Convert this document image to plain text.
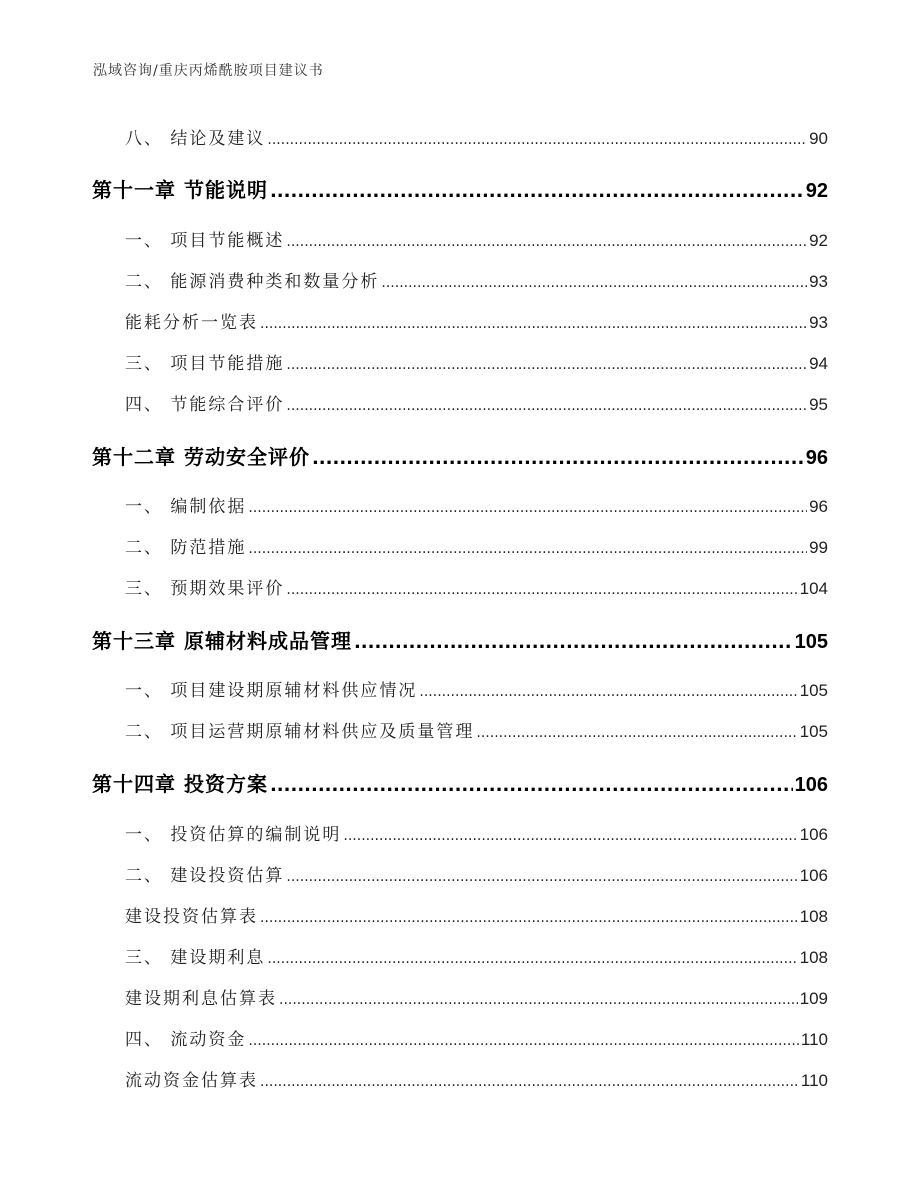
泓域咨询/重庆丙烯酰胺项目建议书
八、 结论及建议 .....	90
第十一章 节能说明 .....	92
一、 项目节能概述 .....	92
二、 能源消费种类和数量分析 .....	93
能耗分析一览表 .....	93
三、 项目节能措施 .....	94
四、 节能综合评价 .....	95
第十二章 劳动安全评价 .....	96
一、 编制依据 .....	96
二、 防范措施 .....	99
三、 预期效果评价 .....	104
第十三章 原辅材料成品管理 .....	105
一、 项目建设期原辅材料供应情况 .....	105
二、 项目运营期原辅材料供应及质量管理 .....	105
第十四章 投资方案 .....	106
一、 投资估算的编制说明 .....	106
二、 建设投资估算 .....	106
建设投资估算表 .....	108
三、 建设期利息 .....	108
建设期利息估算表 .....	109
四、 流动资金 .....	110
流动资金估算表 .....	110
